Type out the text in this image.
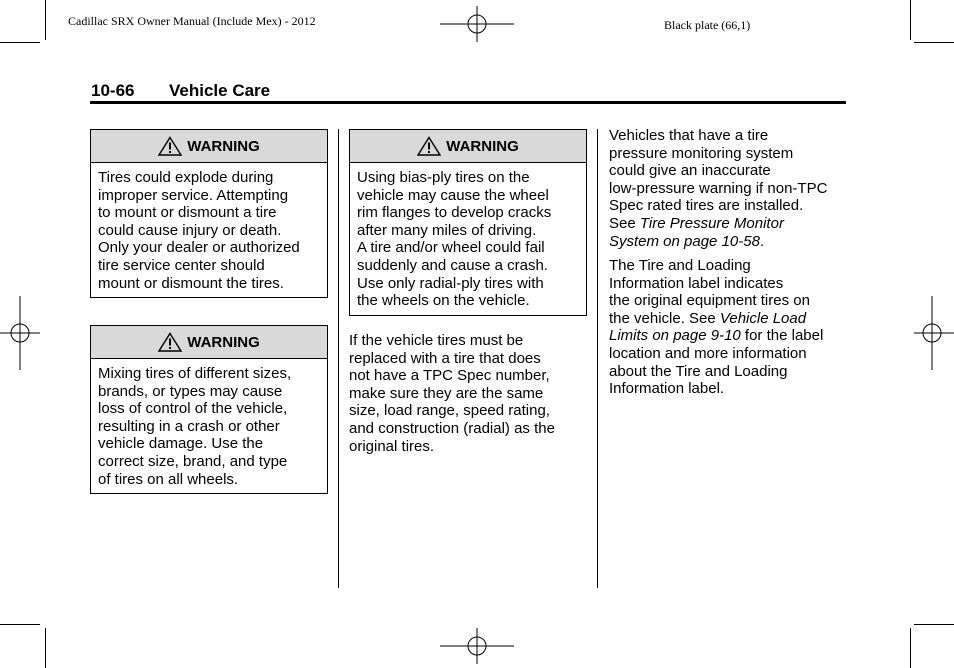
Cadillac SRX Owner Manual (Include Mex) - 2012	Black plate (66,1)
10-66 Vehicle Care
WARNING
Tires could explode during
improper service. Attempting
to mount or dismount a tire
could cause injury or death.
Only your dealer or authorized
tire service center should
mount or dismount the tires.
WARNING
Mixing tires of different sizes,
brands, or types may cause
loss of control of the vehicle,
resulting in a crash or other
vehicle damage. Use the
correct size, brand, and type
of tires on all wheels.
WARNING
Using bias-ply tires on the
vehicle may cause the wheel
rim flanges to develop cracks
after many miles of driving.
A tire and/or wheel could fail
suddenly and cause a crash.
Use only radial-ply tires with
the wheels on the vehicle.
If the vehicle tires must be
replaced with a tire that does
not have a TPC Spec number,
make sure they are the same
size, load range, speed rating,
and construction (radial) as the
original tires.
Vehicles that have a tire
pressure monitoring system
could give an inaccurate
low-pressure warning if non-TPC
Spec rated tires are installed.
See Tire Pressure Monitor
System on page 10-58.
The Tire and Loading
Information label indicates
the original equipment tires on
the vehicle. See Vehicle Load
Limits on page 9-10 for the label
location and more information
about the Tire and Loading
Information label.
